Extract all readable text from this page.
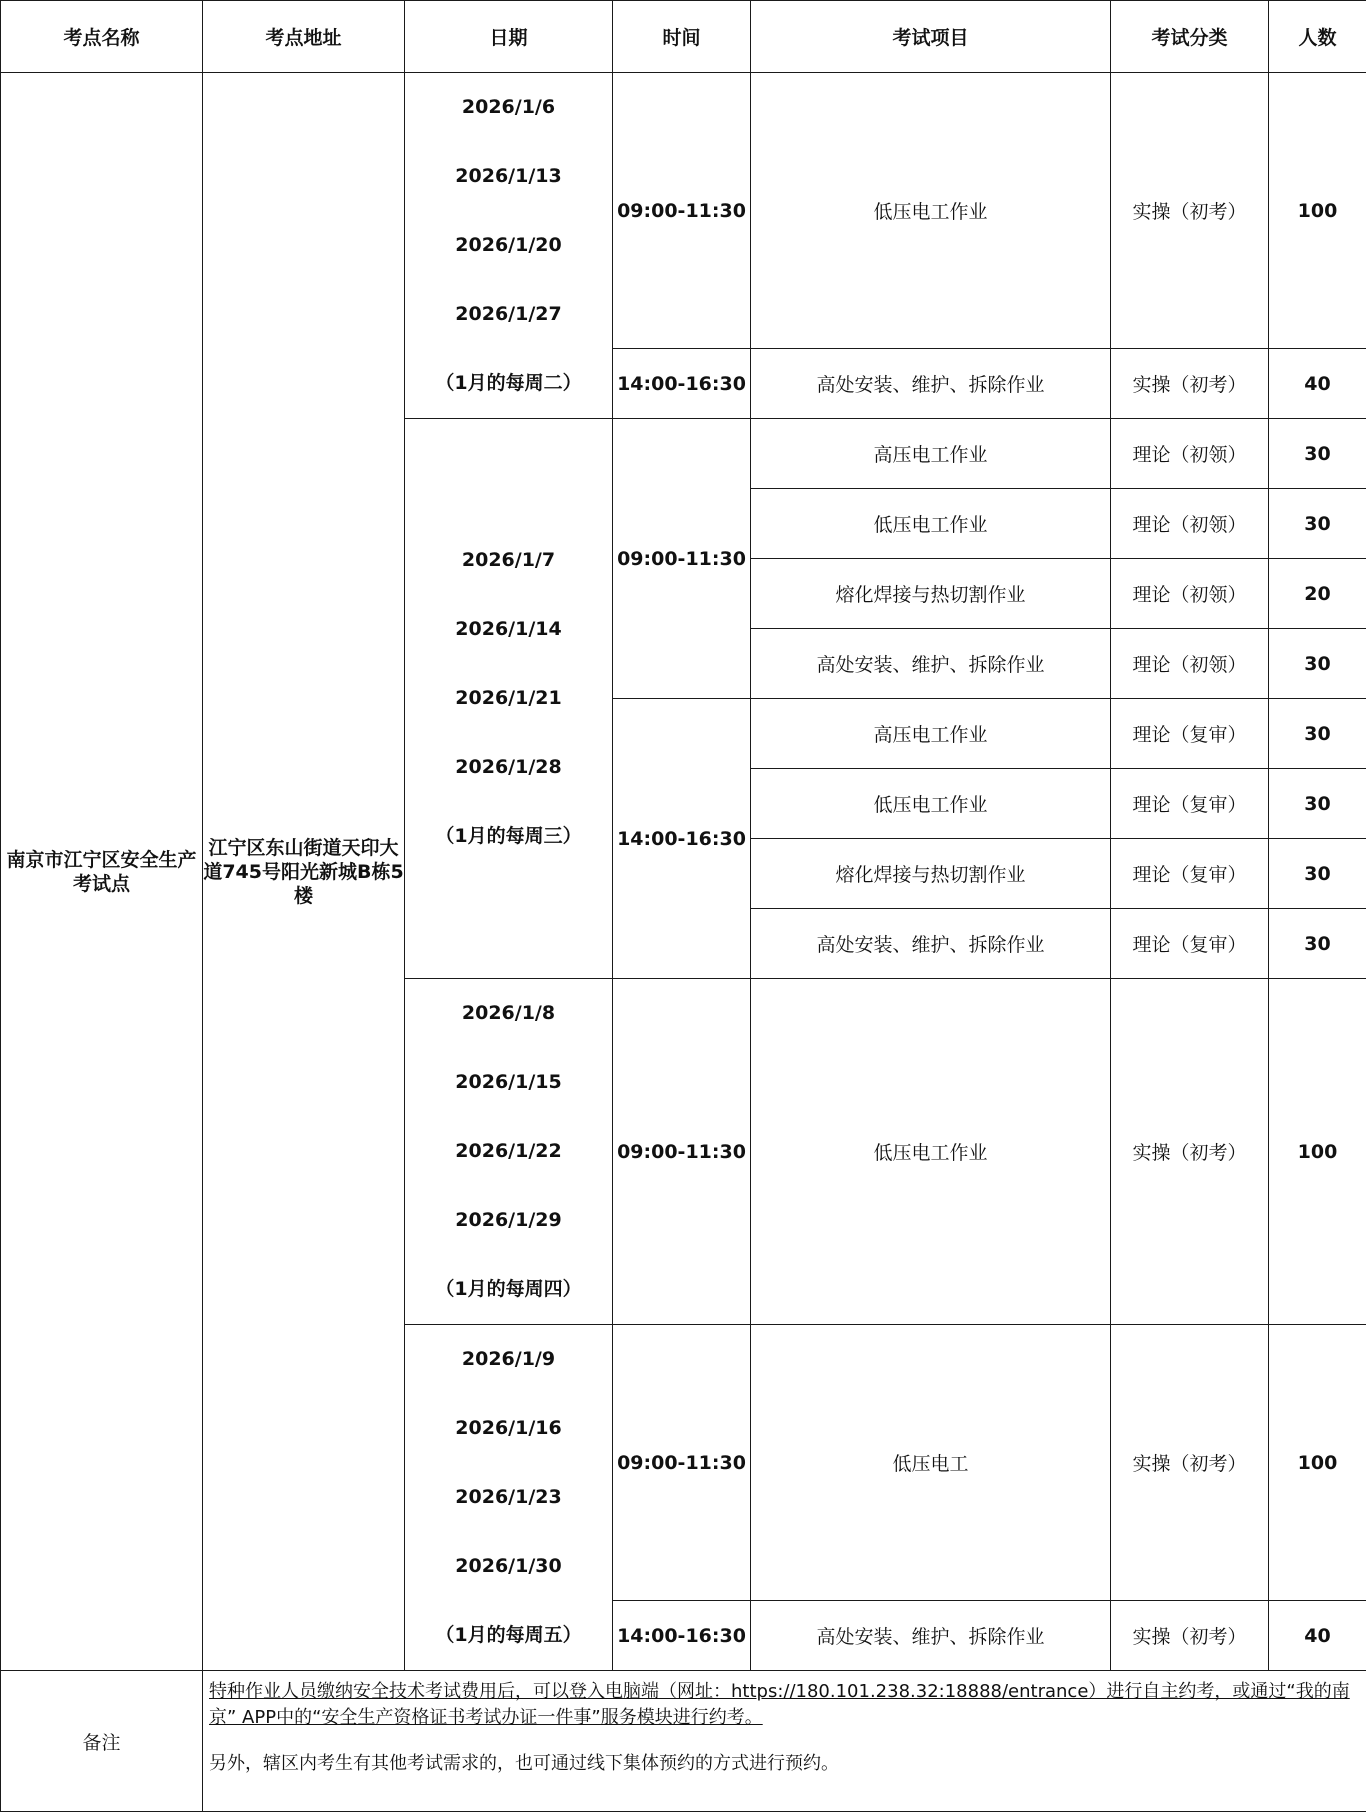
考点名称	考点地址	日期	时间	考试项目	考试分类	人数
南京市江宁区安全生产考试点	江宁区东山街道天印大道745号阳光新城B栋5楼	2026/1/6
2026/1/13
2026/1/20
2026/1/27
（1月的每周二）	09:00-11:30	低压电工作业	实操（初考）	100

			14:00-16:30	高处安装、维护、拆除作业	实操（初考）	40

		2026/1/7
2026/1/14
2026/1/21
2026/1/28
（1月的每周三）	09:00-11:30	高压电工作业	理论（初领）	30
				低压电工作业	理论（初领）	30
				熔化焊接与热切割作业	理论（初领）	20
				高处安装、维护、拆除作业	理论（初领）	30
			14:00-16:30	高压电工作业	理论（复审）	30
				低压电工作业	理论（复审）	30
				熔化焊接与热切割作业	理论（复审）	30
				高处安装、维护、拆除作业	理论（复审）	30

		2026/1/8
2026/1/15
2026/1/22
2026/1/29
（1月的每周四）	09:00-11:30	低压电工作业	实操（初考）	100

		2026/1/9
2026/1/16
2026/1/23
2026/1/30
（1月的每周五）	09:00-11:30	低压电工	实操（初考）	100

			14:00-16:30	高处安装、维护、拆除作业	实操（初考）	40
备注	特种作业人员缴纳安全技术考试费用后，可以登入电脑端（网址：https://180.101.238.32:18888/entrance）进行自主约考，或通过“我的南京” APP中的“安全生产资格证书考试办证一件事”服务模块进行约考。
另外，辖区内考生有其他考试需求的，也可通过线下集体预约的方式进行预约。					
